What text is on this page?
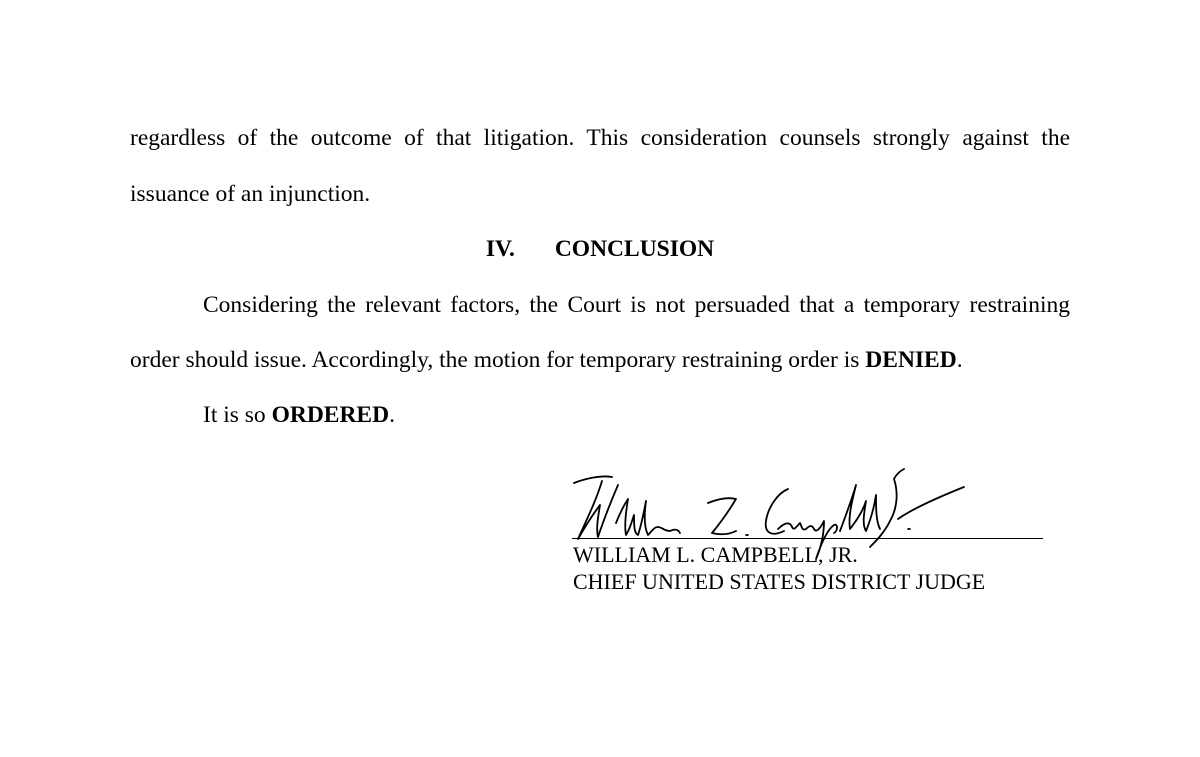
regardless of the outcome of that litigation. This consideration counsels strongly against the
issuance of an injunction.
IV. CONCLUSION
Considering the relevant factors, the Court is not persuaded that a temporary restraining
order should issue. Accordingly, the motion for temporary restraining order is DENIED.
It is so ORDERED.
WILLIAM L. CAMPBELL, JR.
CHIEF UNITED STATES DISTRICT JUDGE
